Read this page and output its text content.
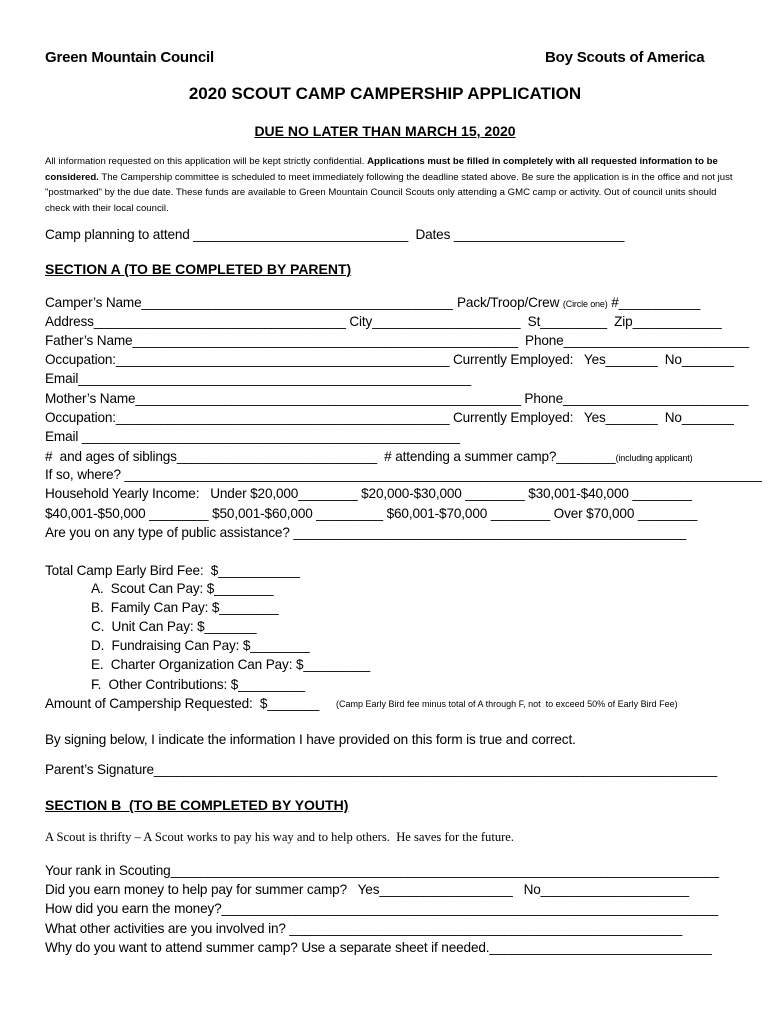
Green Mountain Council	Boy Scouts of America
2020 SCOUT CAMP CAMPERSHIP APPLICATION
DUE NO LATER THAN MARCH 15, 2020
All information requested on this application will be kept strictly confidential. Applications must be filled in completely with all requested information to be considered. The Campership committee is scheduled to meet immediately following the deadline stated above. Be sure the application is in the office and not just "postmarked" by the due date. These funds are available to Green Mountain Council Scouts only attending a GMC camp or activity. Out of council units should check with their local council.
Camp planning to attend _____________________________  Dates _______________________
SECTION A (TO BE COMPLETED BY PARENT)
Camper’s Name__________________________________________ Pack/Troop/Crew (Circle one) #___________
Address__________________________________ City____________________  St_________  Zip____________
Father’s Name____________________________________________________  Phone_________________________
Occupation:_____________________________________________ Currently Employed:   Yes_______  No_______
Email_____________________________________________________
Mother’s Name____________________________________________________ Phone_________________________
Occupation:_____________________________________________ Currently Employed:   Yes_______  No_______
Email ___________________________________________________
#  and ages of siblings___________________________  # attending a summer camp?________(including applicant)
If so, where? ______________________________________________________________________________________
Household Yearly Income:   Under $20,000________ $20,000-$30,000 ________ $30,001-$40,000 ________
$40,001-$50,000 ________ $50,001-$60,000 _________ $60,001-$70,000 ________ Over $70,000 ________
Are you on any type of public assistance? _____________________________________________________
Total Camp Early Bird Fee:  $___________
A.  Scout Can Pay: $________
B.  Family Can Pay: $________
C.  Unit Can Pay: $_______
D.  Fundraising Can Pay: $________
E.  Charter Organization Can Pay: $_________
F.  Other Contributions: $_________
Amount of Campership Requested:  $_______ (Camp Early Bird fee minus total of A through F, not  to exceed 50% of Early Bird Fee)
By signing below, I indicate the information I have provided on this form is true and correct.
Parent’s Signature____________________________________________________________________________
SECTION B  (TO BE COMPLETED BY YOUTH)
A Scout is thrifty – A Scout works to pay his way and to help others.  He saves for the future.
Your rank in Scouting__________________________________________________________________________
Did you earn money to help pay for summer camp?   Yes__________________   No____________________
How did you earn the money?___________________________________________________________________
What other activities are you involved in? _____________________________________________________
Why do you want to attend summer camp? Use a separate sheet if needed.______________________________
